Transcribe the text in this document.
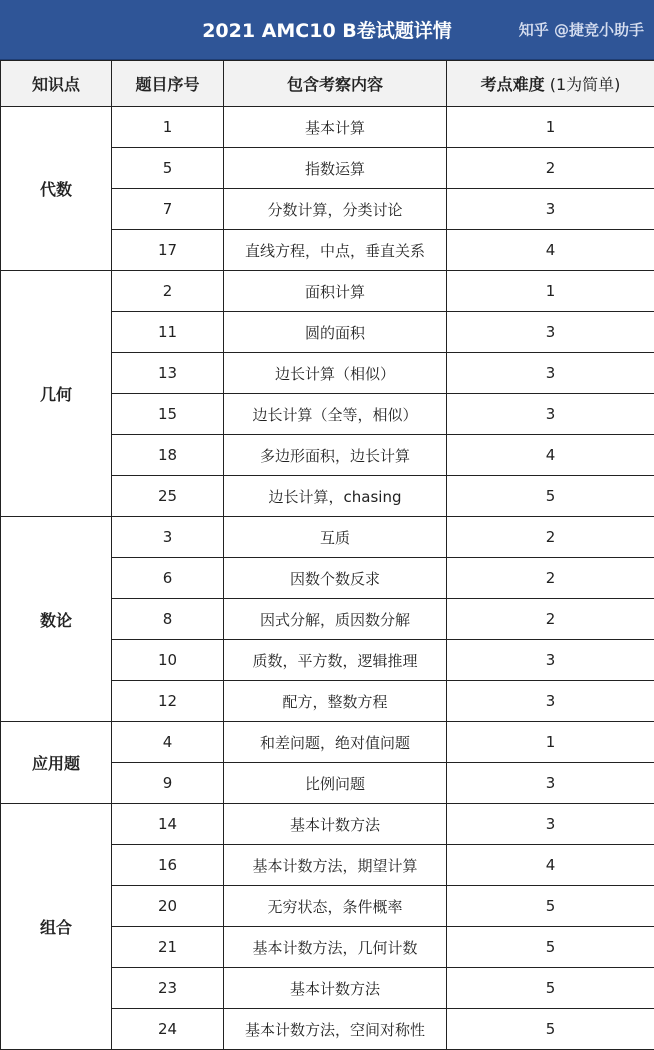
2021 AMC10 B卷试题详情	知乎 @捷竞小助手
知识点	题目序号	包含考察内容	考点难度 (1为简单)
代数	1	基本计算	1
	5	指数运算	2
	7	分数计算，分类讨论	3
	17	直线方程，中点，垂直关系	4
几何	2	面积计算	1
	11	圆的面积	3
	13	边长计算（相似）	3
	15	边长计算（全等，相似）	3
	18	多边形面积，边长计算	4
	25	边长计算，chasing	5
数论	3	互质	2
	6	因数个数反求	2
	8	因式分解，质因数分解	2
	10	质数，平方数，逻辑推理	3
	12	配方，整数方程	3
应用题	4	和差问题，绝对值问题	1
	9	比例问题	3
组合	14	基本计数方法	3
	16	基本计数方法，期望计算	4
	20	无穷状态，条件概率	5
	21	基本计数方法，几何计数	5
	23	基本计数方法	5
	24	基本计数方法，空间对称性	5
